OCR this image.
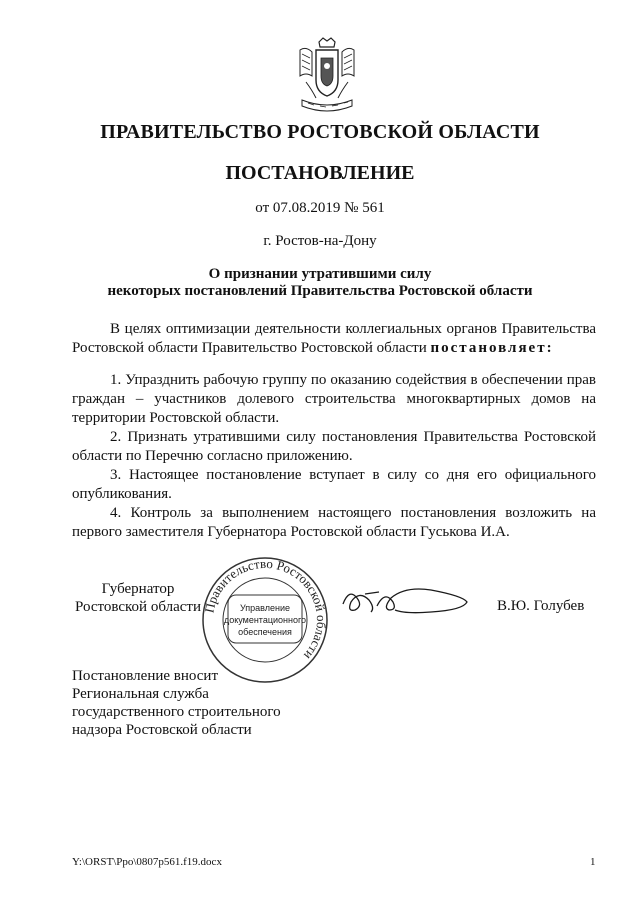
ПРАВИТЕЛЬСТВО РОСТОВСКОЙ ОБЛАСТИ
ПОСТАНОВЛЕНИЕ
от 07.08.2019 № 561
г. Ростов-на-Дону
О признании утратившими силу
некоторых постановлений Правительства Ростовской области
В целях оптимизации деятельности коллегиальных органов Правительства Ростовской области Правительство Ростовской области постановляет:

1. Упразднить рабочую группу по оказанию содействия в обеспечении прав граждан – участников долевого строительства многоквартирных домов на территории Ростовской области.

2. Признать утратившими силу постановления Правительства Ростовской области по Перечню согласно приложению.

3. Настоящее постановление вступает в силу со дня его официального опубликования.

4. Контроль за выполнением настоящего постановления возложить на первого заместителя Губернатора Ростовской области Гуськова И.А.

Губернатор
Ростовской области Правительство Ростовской области
Управление
документационного
обеспечения
В.Ю. Голубев
Постановление вносит
Региональная служба
государственного строительного
надзора Ростовской области
Y:\ORST\Ppo\0807p561.f19.docx	1
